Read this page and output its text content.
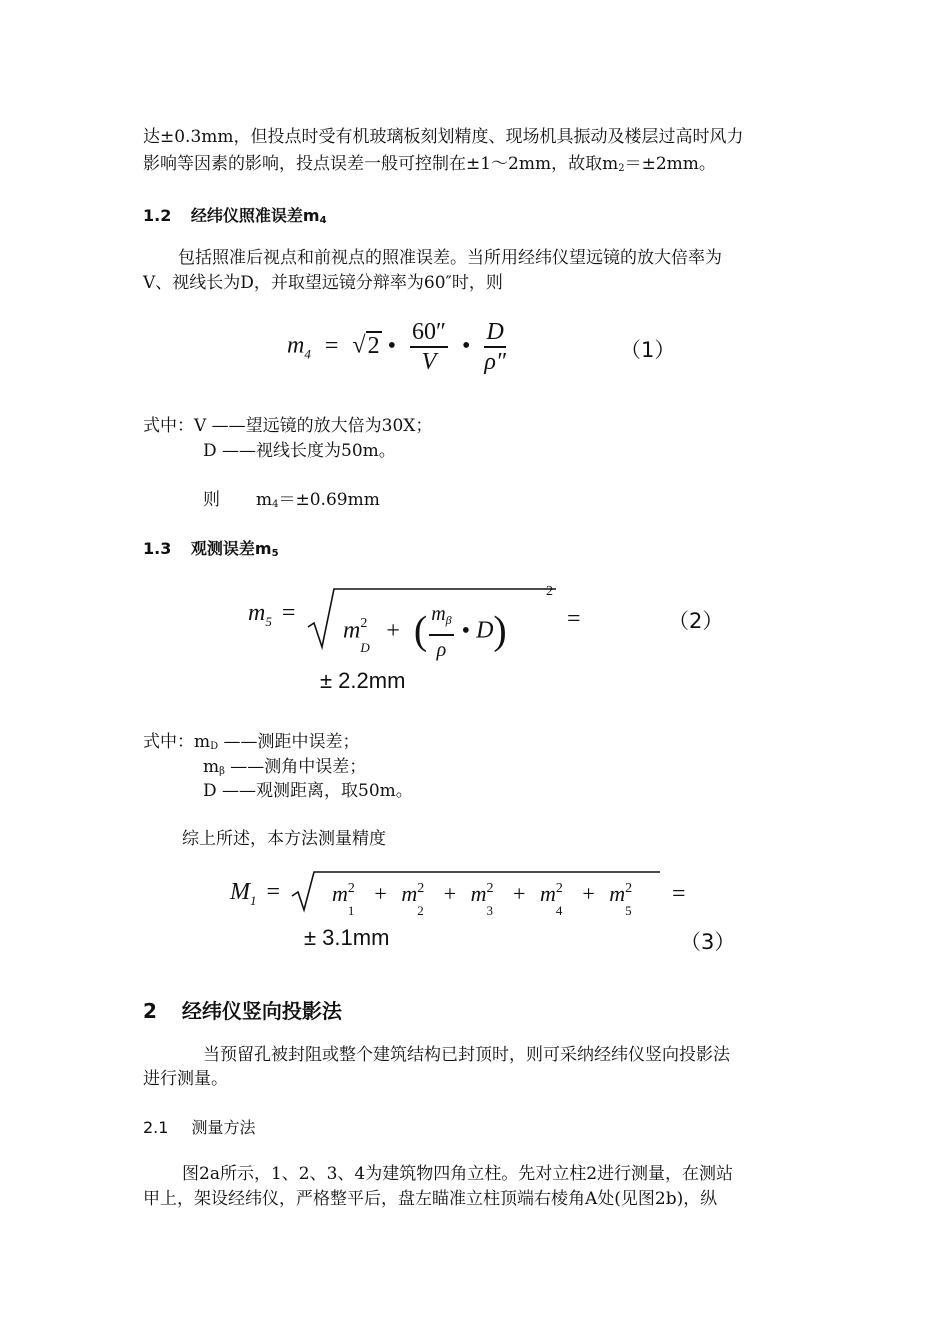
达±0.3mm，但投点时受有机玻璃板刻划精度、现场机具振动及楼层过高时风力
影响等因素的影响，投点误差一般可控制在±1～2mm，故取$m_2=\pm 2mm$。
1.2 经纬仪照准误差$m_4$
包括照准后视点和前视点的照准误差。当所用经纬仪望远镜的放大倍率为
V、视线长为D，并取望远镜分辩率为60″时，则
$m_4 = √2$ • $\frac{60''}{V}$ • $\frac{D}{\rho''}$	（1）
式中：V ——望远镜的放大倍为30X；
D ——视线长度为50m。
则 $m_4=\pm 0.69mm$
1.3 观测误差$m_5$
$m_5$ =
m 2
D
+ ( $\frac{m_\beta}{\rho}$ • D)
2
=	（2）
± 2.2mm
式中：$m_D$ ——测距中误差；
$m_\beta$ ——测角中误差；
D ——观测距离，取50m。
综上所述，本方法测量精度
$M_1 = m$ 2
1
+ m 2
2
+ m 2
3
+ m 2
4
+ m 2
5
=
± 3.1mm	（3）
2 经纬仪竖向投影法
当预留孔被封阻或整个建筑结构已封顶时，则可采纳经纬仪竖向投影法
进行测量。
2.1 测量方法
图2a所示，1、2、3、4为建筑物四角立柱。先对立柱2进行测量，在测站
甲上，架设经纬仪，严格整平后，盘左瞄准立柱顶端右棱角A处(见图2b)，纵
